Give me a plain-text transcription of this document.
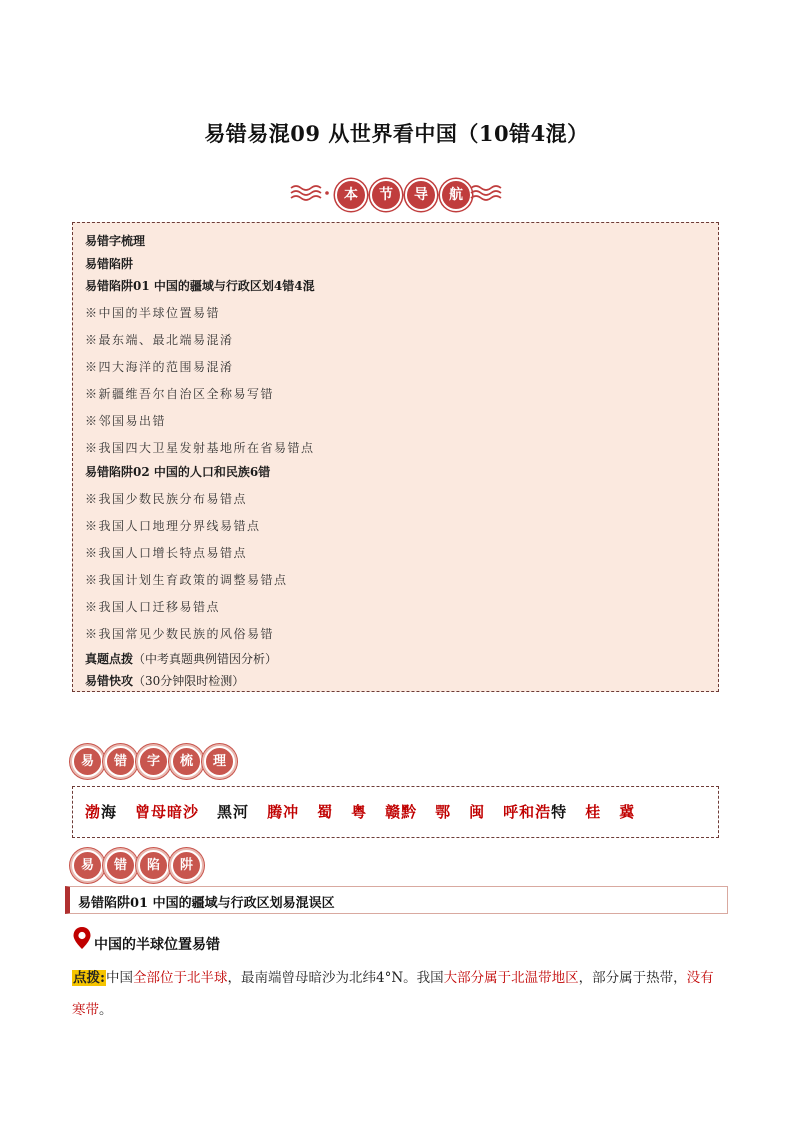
易错易混09 从世界看中国（10错4混）
本	节	导	航
易错字梳理
易错陷阱
易错陷阱01 中国的疆域与行政区划4错4混
※中国的半球位置易错
※最东端、最北端易混淆
※四大海洋的范围易混淆
※新疆维吾尔自治区全称易写错
※邻国易出错
※我国四大卫星发射基地所在省易错点
易错陷阱02 中国的人口和民族6错
※我国少数民族分布易错点
※我国人口地理分界线易错点
※我国人口增长特点易错点
※我国计划生育政策的调整易错点
※我国人口迁移易错点
※我国常见少数民族的风俗易错
真题点拨（中考真题典例错因分析）
易错快攻（30分钟限时检测）
易	错	字	梳	理
渤海 曾母暗沙 黑河 腾冲 蜀 粤 赣黔 鄂 闽 呼和浩特 桂 冀
易	错	陷	阱
易错陷阱01 中国的疆域与行政区划易混误区
中国的半球位置易错
点拨:中国全部位于北半球，最南端曾母暗沙为北纬4°N。我国大部分属于北温带地区，部分属于热带，没有寒带。
